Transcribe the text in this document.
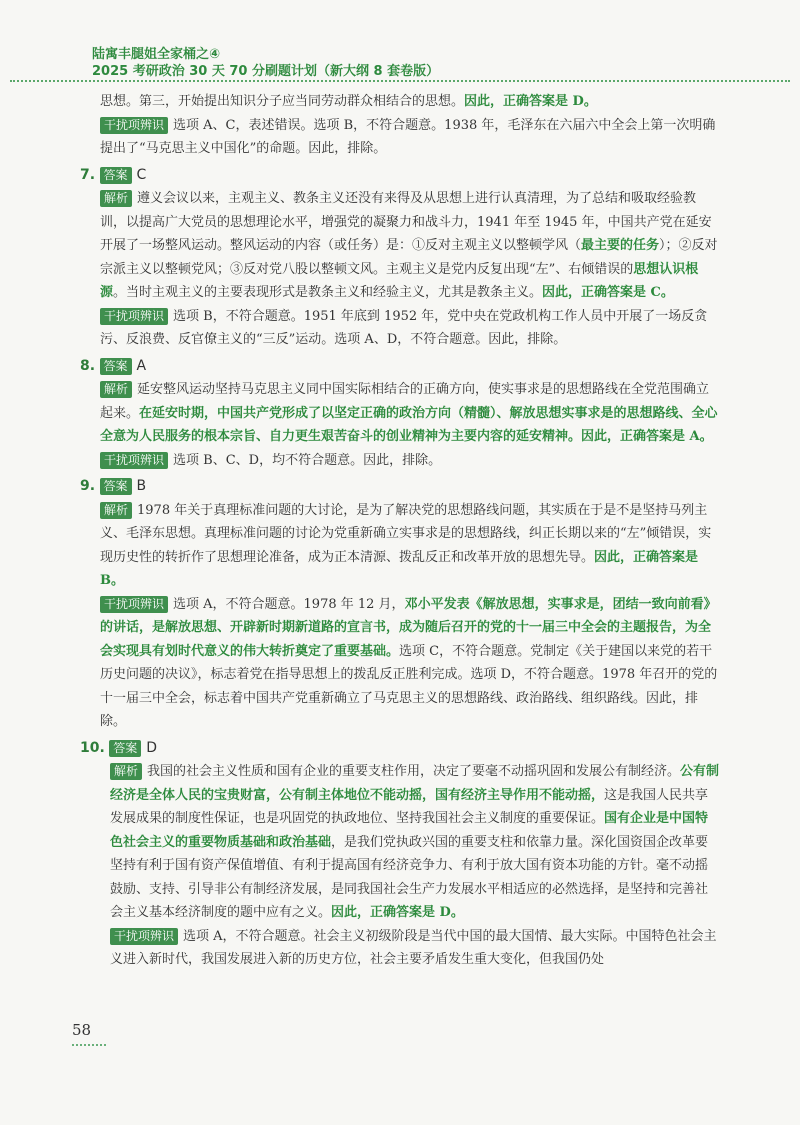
陆寓丰腿姐全家桶之④
2025 考研政治 30 天 70 分刷题计划（新大纲 8 套卷版）

思想。第三，开始提出知识分子应当同劳动群众相结合的思想。因此，正确答案是 D。

干扰项辨识 选项 A、C，表述错误。选项 B，不符合题意。1938 年，毛泽东在六届六中全会上第一次明确提出了“马克思主义中国化”的命题。因此，排除。

7. 答案 C

解析 遵义会议以来，主观主义、教条主义还没有来得及从思想上进行认真清理，为了总结和吸取经验教训，以提高广大党员的思想理论水平，增强党的凝聚力和战斗力，1941 年至 1945 年，中国共产党在延安开展了一场整风运动。整风运动的内容（或任务）是：①反对主观主义以整顿学风（最主要的任务）；②反对宗派主义以整顿党风；③反对党八股以整顿文风。主观主义是党内反复出现“左”、右倾错误的思想认识根源。当时主观主义的主要表现形式是教条主义和经验主义，尤其是教条主义。因此，正确答案是 C。

干扰项辨识 选项 B，不符合题意。1951 年底到 1952 年，党中央在党政机构工作人员中开展了一场反贪污、反浪费、反官僚主义的“三反”运动。选项 A、D，不符合题意。因此，排除。

8. 答案 A

解析 延安整风运动坚持马克思主义同中国实际相结合的正确方向，使实事求是的思想路线在全党范围确立起来。在延安时期，中国共产党形成了以坚定正确的政治方向（精髓）、解放思想实事求是的思想路线、全心全意为人民服务的根本宗旨、自力更生艰苦奋斗的创业精神为主要内容的延安精神。因此，正确答案是 A。

干扰项辨识 选项 B、C、D，均不符合题意。因此，排除。

9. 答案 B

解析 1978 年关于真理标准问题的大讨论，是为了解决党的思想路线问题，其实质在于是不是坚持马列主义、毛泽东思想。真理标准问题的讨论为党重新确立实事求是的思想路线，纠正长期以来的“左”倾错误，实现历史性的转折作了思想理论准备，成为正本清源、拨乱反正和改革开放的思想先导。因此，正确答案是 B。

干扰项辨识 选项 A，不符合题意。1978 年 12 月，邓小平发表《解放思想，实事求是，团结一致向前看》的讲话，是解放思想、开辟新时期新道路的宣言书，成为随后召开的党的十一届三中全会的主题报告，为全会实现具有划时代意义的伟大转折奠定了重要基础。选项 C，不符合题意。党制定《关于建国以来党的若干历史问题的决议》，标志着党在指导思想上的拨乱反正胜利完成。选项 D，不符合题意。1978 年召开的党的十一届三中全会，标志着中国共产党重新确立了马克思主义的思想路线、政治路线、组织路线。因此，排除。

10. 答案 D

解析 我国的社会主义性质和国有企业的重要支柱作用，决定了要毫不动摇巩固和发展公有制经济。公有制经济是全体人民的宝贵财富，公有制主体地位不能动摇，国有经济主导作用不能动摇，这是我国人民共享发展成果的制度性保证，也是巩固党的执政地位、坚持我国社会主义制度的重要保证。国有企业是中国特色社会主义的重要物质基础和政治基础，是我们党执政兴国的重要支柱和依靠力量。深化国资国企改革要坚持有利于国有资产保值增值、有利于提高国有经济竞争力、有利于放大国有资本功能的方针。毫不动摇鼓励、支持、引导非公有制经济发展，是同我国社会生产力发展水平相适应的必然选择，是坚持和完善社会主义基本经济制度的题中应有之义。因此，正确答案是 D。

干扰项辨识 选项 A，不符合题意。社会主义初级阶段是当代中国的最大国情、最大实际。中国特色社会主义进入新时代，我国发展进入新的历史方位，社会主要矛盾发生重大变化，但我国仍处

58
